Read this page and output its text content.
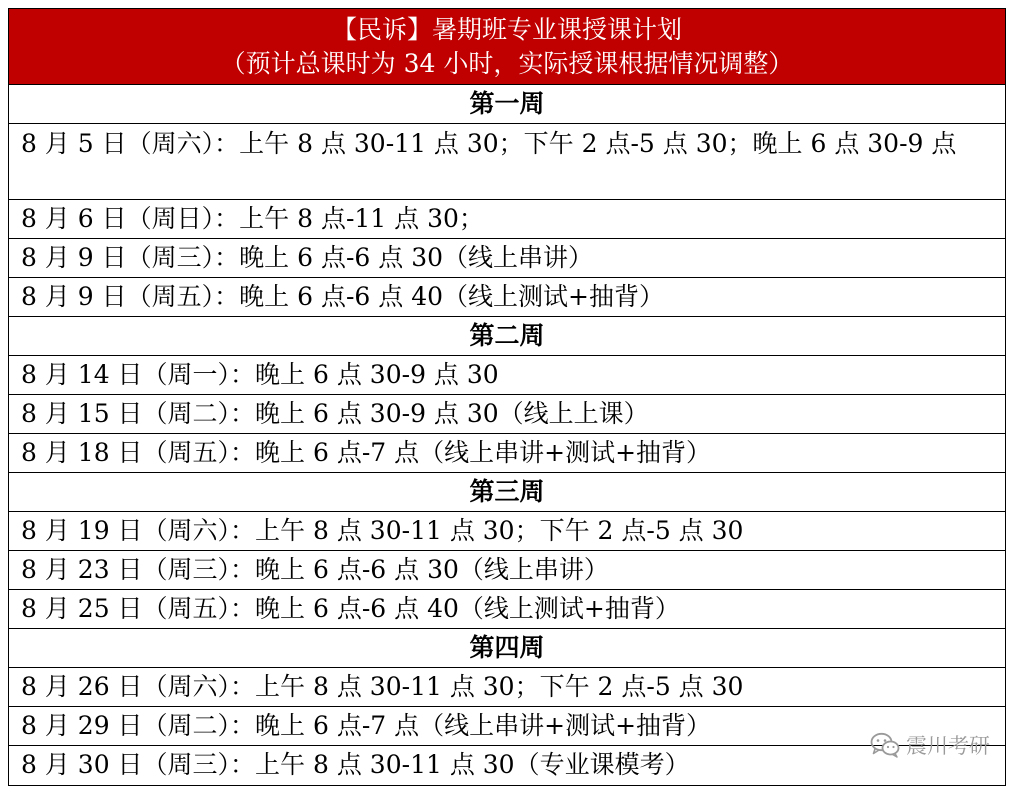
【民诉】暑期班专业课授课计划
（预计总课时为 34 小时，实际授课根据情况调整）
第一周
8 月 5 日（周六）：上午 8 点 30-11 点 30；下午 2 点-5 点 30；晚上 6 点 30-9 点
8 月 6 日（周日）：上午 8 点-11 点 30；
8 月 9 日（周三）：晚上 6 点-6 点 30（线上串讲）
8 月 9 日（周五）：晚上 6 点-6 点 40（线上测试+抽背）
第二周
8 月 14 日（周一）：晚上 6 点 30-9 点 30
8 月 15 日（周二）：晚上 6 点 30-9 点 30（线上上课）
8 月 18 日（周五）：晚上 6 点-7 点（线上串讲+测试+抽背）
第三周
8 月 19 日（周六）：上午 8 点 30-11 点 30；下午 2 点-5 点 30
8 月 23 日（周三）：晚上 6 点-6 点 30（线上串讲）
8 月 25 日（周五）：晚上 6 点-6 点 40（线上测试+抽背）
第四周
8 月 26 日（周六）：上午 8 点 30-11 点 30；下午 2 点-5 点 30
8 月 29 日（周二）：晚上 6 点-7 点（线上串讲+测试+抽背）
8 月 30 日（周三）：上午 8 点 30-11 点 30（专业课模考）
震川考研
